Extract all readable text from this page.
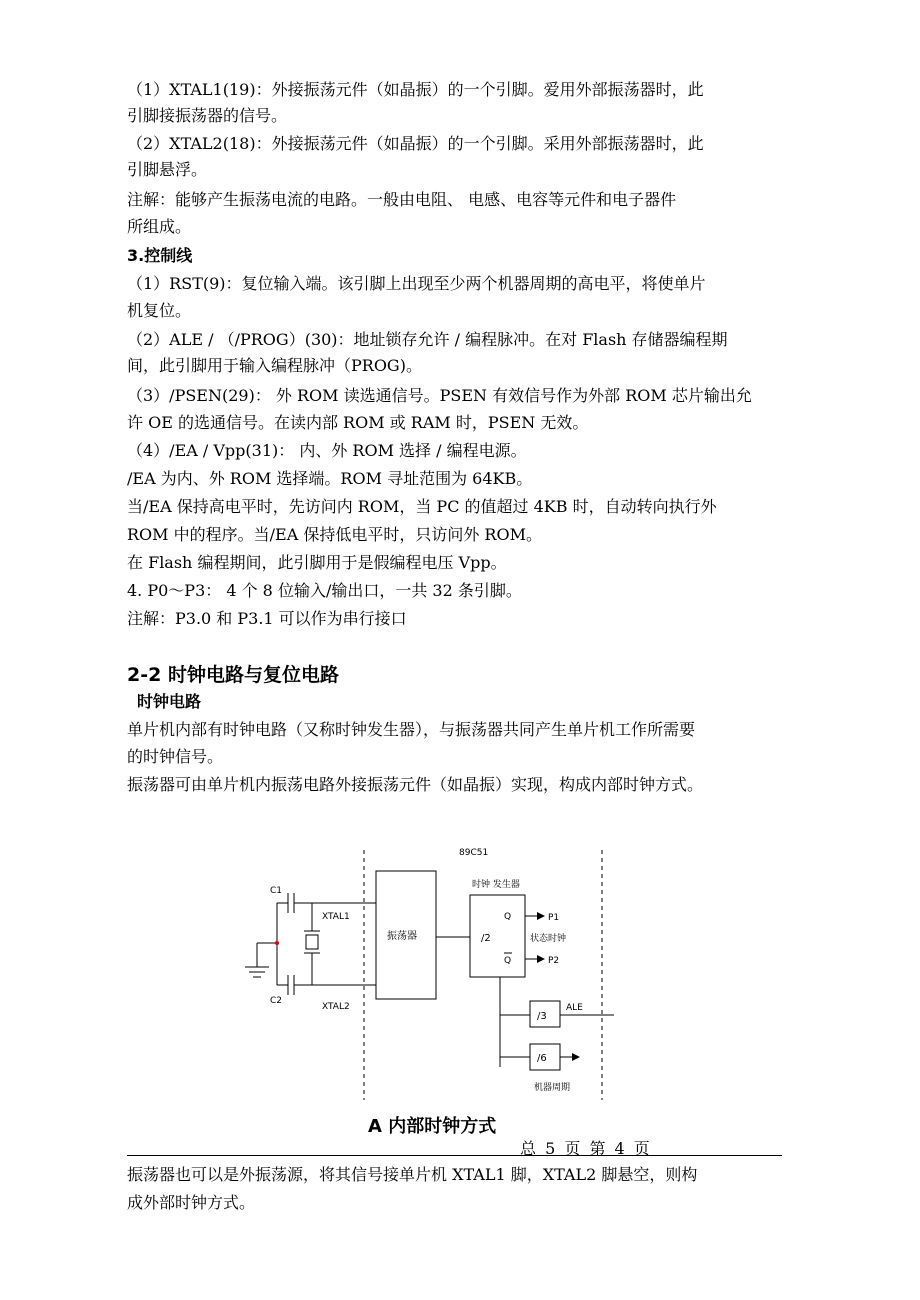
（1）XTAL1(19)：外接振荡元件（如晶振）的一个引脚。爱用外部振荡器时，此
引脚接振荡器的信号。
（2）XTAL2(18)：外接振荡元件（如晶振）的一个引脚。采用外部振荡器时，此
引脚悬浮。
注解：能够产生振荡电流的电路。一般由电阻、 电感、电容等元件和电子器件
所组成。
3.控制线
（1）RST(9)：复位输入端。该引脚上出现至少两个机器周期的高电平，将使单片
机复位。
（2）ALE / （/PROG）(30)：地址锁存允许 / 编程脉冲。在对 Flash 存储器编程期
间，此引脚用于输入编程脉冲（PROG)。
（3）/PSEN(29)： 外 ROM 读选通信号。PSEN 有效信号作为外部 ROM 芯片输出允
许 OE 的选通信号。在读内部 ROM 或 RAM 时，PSEN 无效。
（4）/EA / Vpp(31)： 内、外 ROM 选择 / 编程电源。
/EA 为内、外 ROM 选择端。ROM 寻址范围为 64KB。
当/EA 保持高电平时，先访问内 ROM，当 PC 的值超过 4KB 时，自动转向执行外
ROM 中的程序。当/EA 保持低电平时，只访问外 ROM。
在 Flash 编程期间，此引脚用于是假编程电压 Vpp。
4. P0～P3： 4 个 8 位输入/输出口，一共 32 条引脚。
注解：P3.0 和 P3.1 可以作为串行接口
2-2 时钟电路与复位电路
时钟电路
单片机内部有时钟电路（又称时钟发生器），与振荡器共同产生单片机工作所需要
的时钟信号。
振荡器可由单片机内振荡电路外接振荡元件（如晶振）实现，构成内部时钟方式。
89C51
C1
C2
XTAL1
XTAL2
振荡器
时钟 发生器
Q
/2
Q
P1
P2
状态时钟
/3
ALE
/6
机器周期
A 内部时钟方式
总 5 页 第 4 页
振荡器也可以是外振荡源，将其信号接单片机 XTAL1 脚，XTAL2 脚悬空，则构
成外部时钟方式。
